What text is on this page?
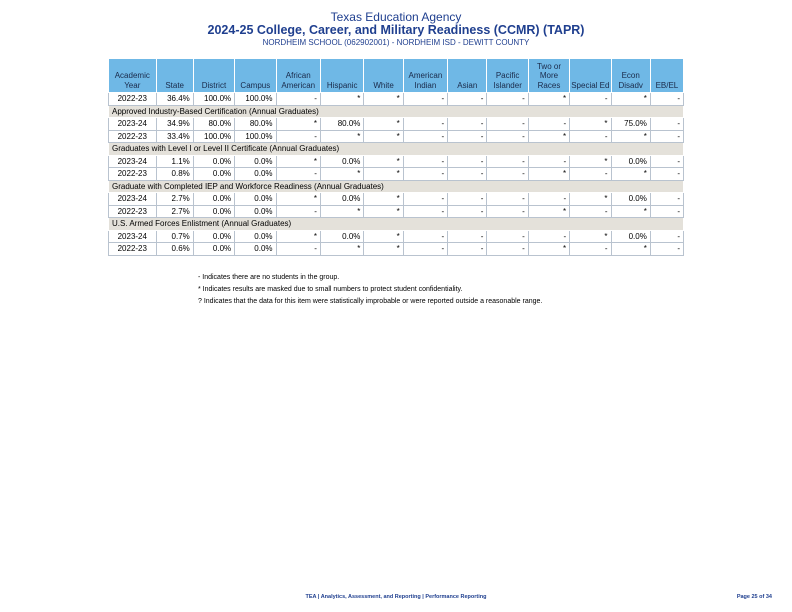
Texas Education Agency
2024-25 College, Career, and Military Readiness (CCMR) (TAPR)
NORDHEIM SCHOOL (062902001) - NORDHEIM ISD - DEWITT COUNTY
Academic Year	State	District	Campus	African American	Hispanic	White	American Indian	Asian	Pacific Islander	Two or More Races	Special Ed	Econ Disadv	EB/EL
2022-23	36.4%	100.0%	100.0%	-	*	*	-	-	-	*	-	*	-
Approved Industry-Based Certification (Annual Graduates)													
2023-24	34.9%	80.0%	80.0%	*	80.0%	*	-	-	-	-	*	75.0%	-
2022-23	33.4%	100.0%	100.0%	-	*	*	-	-	-	*	-	*	-
Graduates with Level I or Level II Certificate (Annual Graduates)													
2023-24	1.1%	0.0%	0.0%	*	0.0%	*	-	-	-	-	*	0.0%	-
2022-23	0.8%	0.0%	0.0%	-	*	*	-	-	-	*	-	*	-
Graduate with Completed IEP and Workforce Readiness (Annual Graduates)													
2023-24	2.7%	0.0%	0.0%	*	0.0%	*	-	-	-	-	*	0.0%	-
2022-23	2.7%	0.0%	0.0%	-	*	*	-	-	-	*	-	*	-
U.S. Armed Forces Enlistment (Annual Graduates)													
2023-24	0.7%	0.0%	0.0%	*	0.0%	*	-	-	-	-	*	0.0%	-
2022-23	0.6%	0.0%	0.0%	-	*	*	-	-	-	*	-	*	-
- Indicates there are no students in the group.
* Indicates results are masked due to small numbers to protect student confidentiality.
? Indicates that the data for this item were statistically improbable or were reported outside a reasonable range.
TEA | Analytics, Assessment, and Reporting | Performance Reporting	Page 25 of 34
